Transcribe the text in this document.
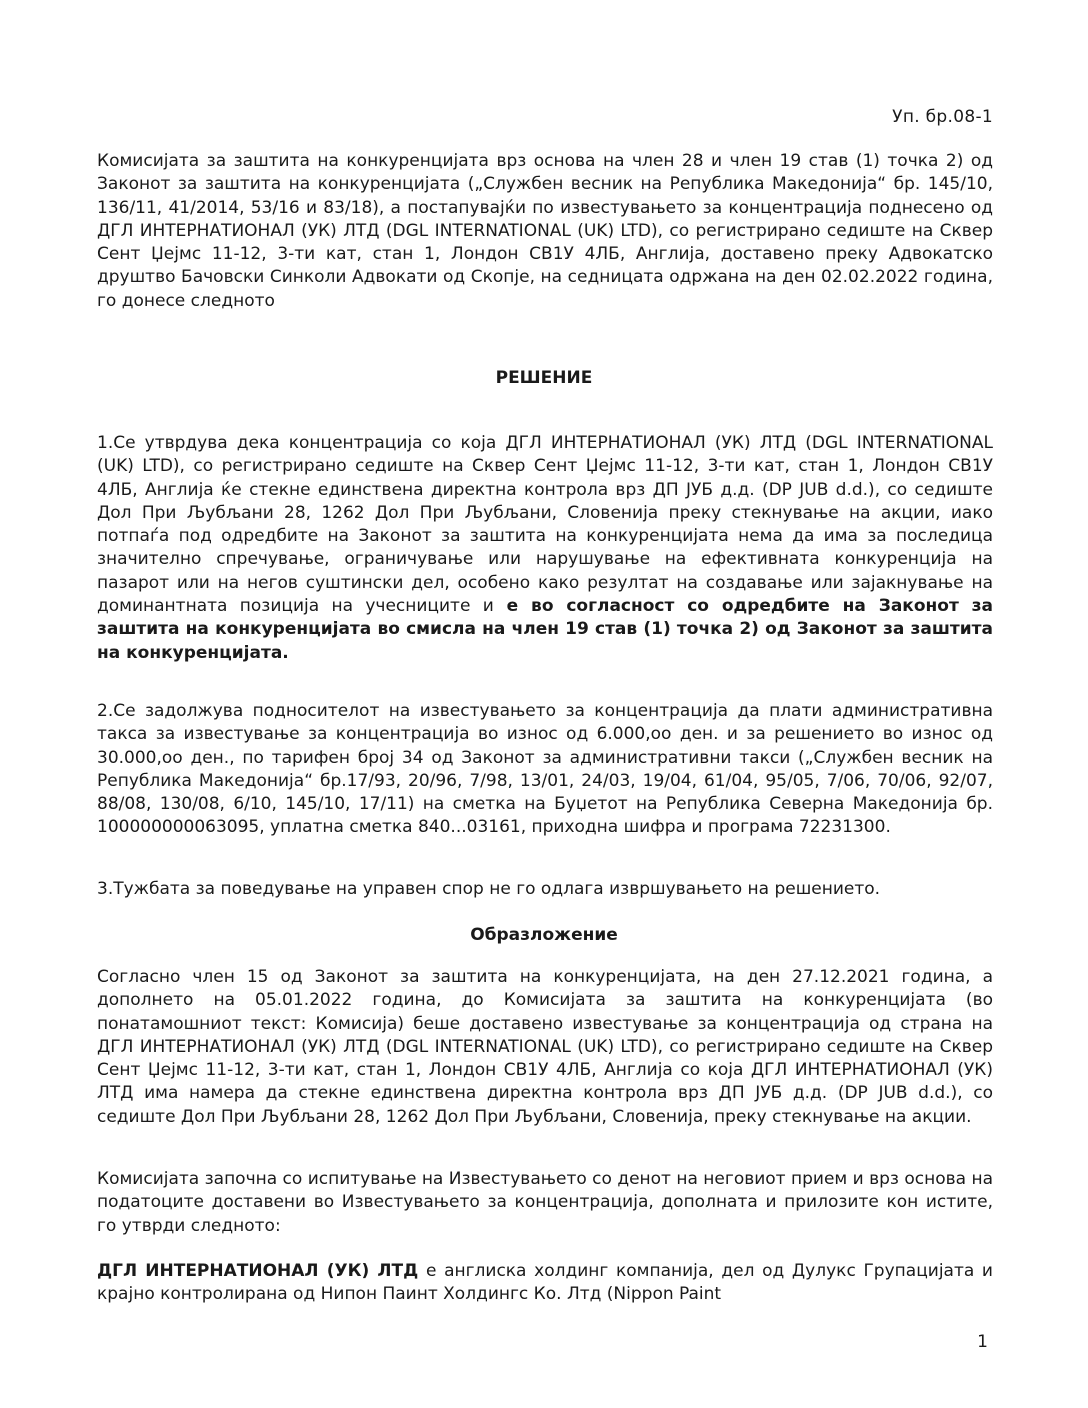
Уп. бр.08-1

Комисијата за заштита на конкуренцијата врз основа на член 28 и член 19 став (1) точка 2) од Законот за заштита на конкуренцијата („Службен весник на Република Македонија“ бр. 145/10, 136/11, 41/2014, 53/16 и 83/18), а постапувајќи по известувањето за концентрација поднесено од ДГЛ ИНТЕРНАТИОНАЛ (УК) ЛТД (DGL INTERNATIONAL (UK) LTD), со регистрирано седиште на Сквер Сент Џејмс 11-12, 3-ти кат, стан 1, Лондон СВ1У 4ЛБ, Англија, доставено преку Адвокатско друштво Бачовски Синколи Адвокати од Скопје, на седницата одржана на ден 02.02.2022 година, го донесе следното

РЕШЕНИЕ

1.Се утврдува дека концентрација со која ДГЛ ИНТЕРНАТИОНАЛ (УК) ЛТД (DGL INTERNATIONAL (UK) LTD), со регистрирано седиште на Сквер Сент Џејмс 11-12, 3-ти кат, стан 1, Лондон СВ1У 4ЛБ, Англија ќе стекне единствена директна контрола врз ДП ЈУБ д.д. (DP JUB d.d.), со седиште Дол При Љубљани 28, 1262 Дол При Љубљани, Словенија преку стекнување на акции, иако потпаѓа под одредбите на Законот за заштита на конкуренцијата нема да има за последица значително спречување, ограничување или нарушување на ефективната конкуренција на пазарот или на негов суштински дел, особено како резултат на создавање или зајакнување на доминантната позиција на учесниците и е во согласност со одредбите на Законот за заштита на конкуренцијата во смисла на член 19 став (1) точка 2) од Законот за заштита на конкуренцијата.

2.Се задолжува подносителот на известувањето за концентрација да плати административна такса за известување за концентрација во износ од 6.000,оо ден. и за решението во износ од 30.000,оо ден., по тарифен број 34 од Законот за административни такси („Службен весник на Република Македонија“ бр.17/93, 20/96, 7/98, 13/01, 24/03, 19/04, 61/04, 95/05, 7/06, 70/06, 92/07, 88/08, 130/08, 6/10, 145/10, 17/11) на сметка на Буџетот на Република Северна Македонија бр. 100000000063095, уплатна сметка 840...03161, приходна шифра и програма 72231300.

3.Тужбата за поведување на управен спор не го одлага извршувањето на решението.

Образложение

Согласно член 15 од Законот за заштита на конкуренцијата, на ден 27.12.2021 година, а дополнето на 05.01.2022 година, до Комисијата за заштита на конкуренцијата (во понатамошниот текст: Комисија) беше доставено известување за концентрација од страна на ДГЛ ИНТЕРНАТИОНАЛ (УК) ЛТД (DGL INTERNATIONAL (UK) LTD), со регистрирано седиште на Сквер Сент Џејмс 11-12, 3-ти кат, стан 1, Лондон СВ1У 4ЛБ, Англија со која ДГЛ ИНТЕРНАТИОНАЛ (УК) ЛТД има намера да стекне единствена директна контрола врз ДП ЈУБ д.д. (DP JUB d.d.), со седиште Дол При Љубљани 28, 1262 Дол При Љубљани, Словенија, преку стекнување на акции.

Комисијата започна со испитување на Известувањето со денот на неговиот прием и врз основа на податоците доставени во Известувањето за концентрација, дополната и прилозите кон истите, го утврди следното:

ДГЛ ИНТЕРНАТИОНАЛ (УК) ЛТД е англиска холдинг компанија, дел од Дулукс Групацијата и крајно контролирана од Нипон Паинт Холдингс Ко. Лтд (Nippon Paint

1
